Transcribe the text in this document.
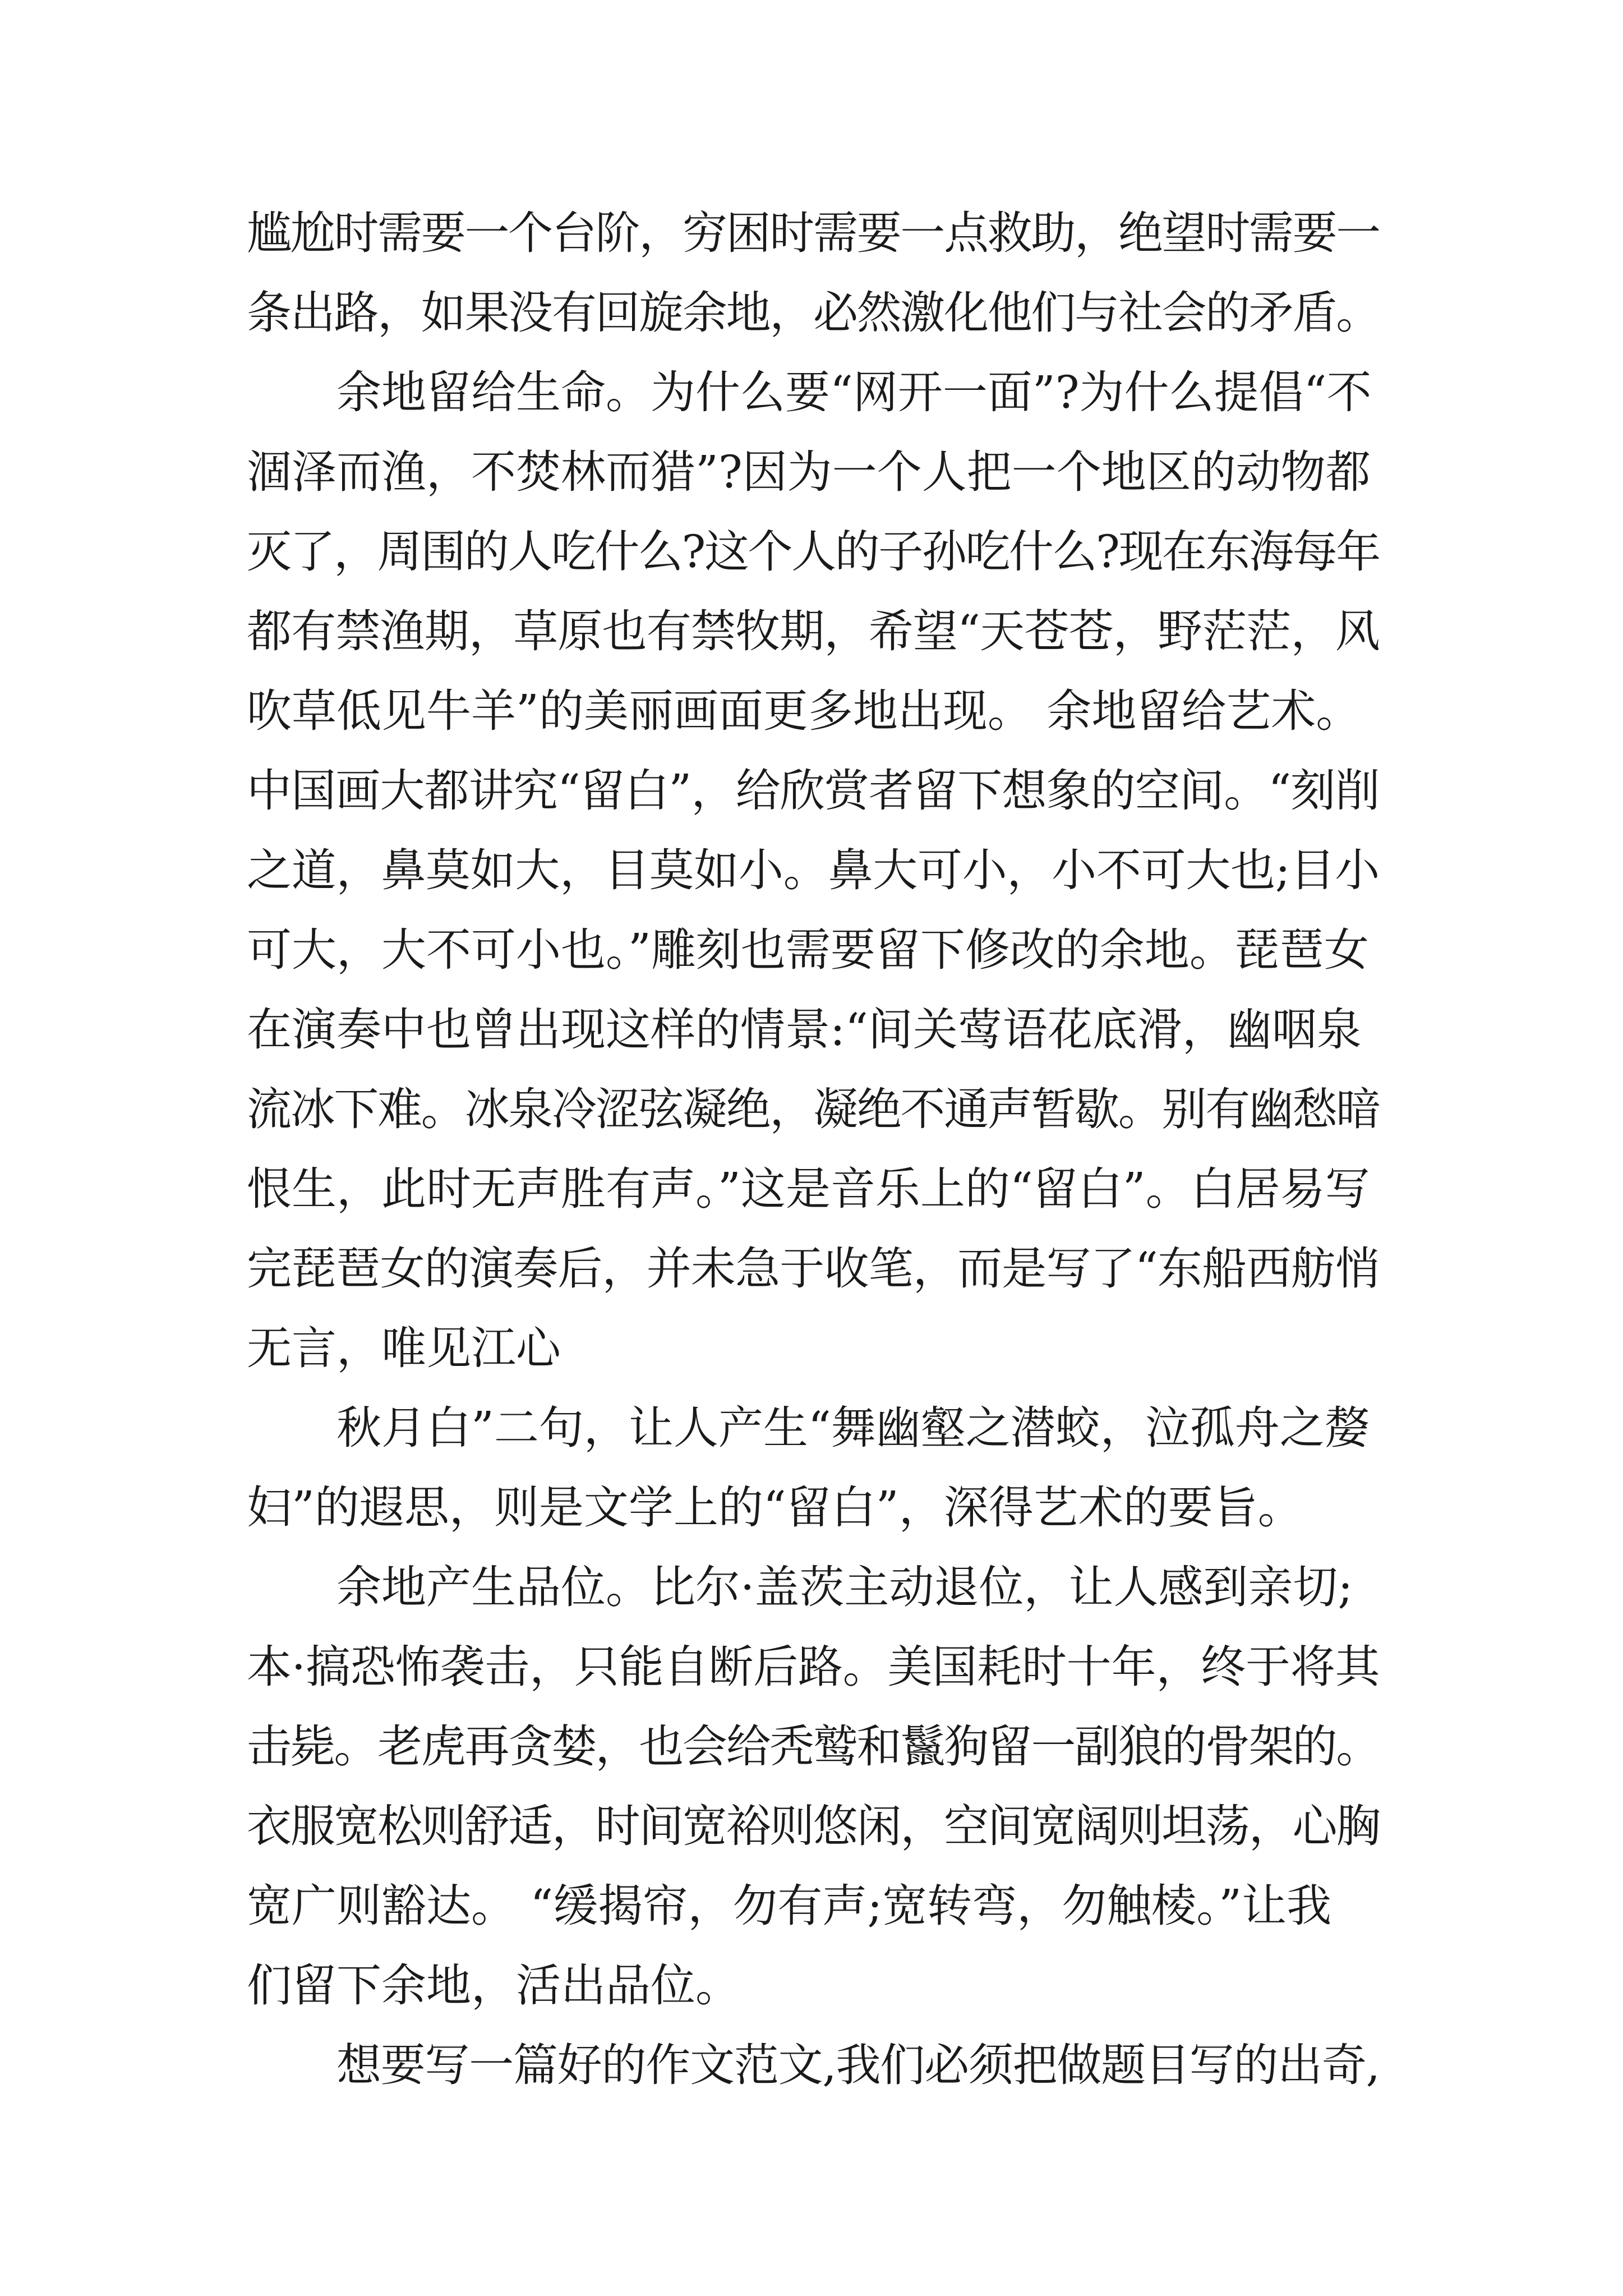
尴尬时需要一个台阶，穷困时需要一点救助，绝望时需要一
条出路，如果没有回旋余地，必然激化他们与社会的矛盾。
余地留给生命。为什么要“网开一面”?为什么提倡“不
涸泽而渔，不焚林而猎”?因为一个人把一个地区的动物都
灭了，周围的人吃什么?这个人的子孙吃什么?现在东海每年
都有禁渔期，草原也有禁牧期，希望“天苍苍，野茫茫，风
吹草低见牛羊”的美丽画面更多地出现。 余地留给艺术。
中国画大都讲究“留白”，给欣赏者留下想象的空间。“刻削
之道，鼻莫如大，目莫如小。鼻大可小，小不可大也;目小
可大，大不可小也。”雕刻也需要留下修改的余地。琵琶女
在演奏中也曾出现这样的情景:“间关莺语花底滑，幽咽泉
流冰下难。冰泉冷涩弦凝绝，凝绝不通声暂歇。别有幽愁暗
恨生，此时无声胜有声。”这是音乐上的“留白”。白居易写
完琵琶女的演奏后，并未急于收笔，而是写了“东船西舫悄
无言，唯见江心
秋月白”二句，让人产生“舞幽壑之潜蛟，泣孤舟之嫠
妇”的遐思，则是文学上的“留白”，深得艺术的要旨。
余地产生品位。比尔·盖茨主动退位，让人感到亲切;
本·搞恐怖袭击，只能自断后路。美国耗时十年，终于将其
击毙。老虎再贪婪，也会给秃鹫和鬣狗留一副狼的骨架的。
衣服宽松则舒适，时间宽裕则悠闲，空间宽阔则坦荡，心胸
宽广则豁达。 “缓揭帘，勿有声;宽转弯，勿触棱。”让我
们留下余地，活出品位。
想要写一篇好的作文范文,我们必须把做题目写的出奇,
